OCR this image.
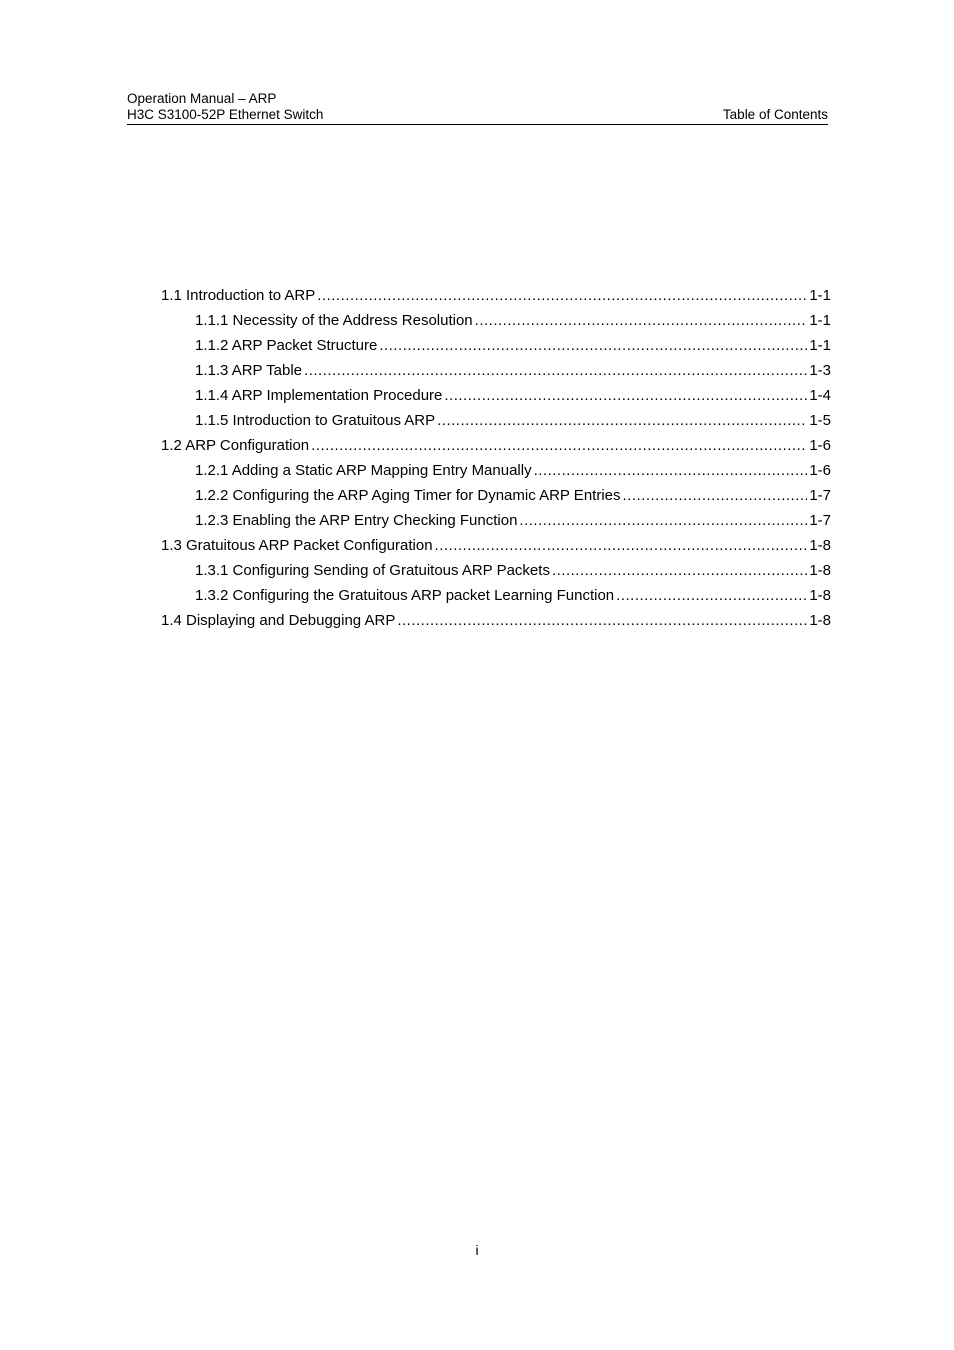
Operation Manual – ARP
H3C S3100-52P Ethernet Switch	Table of Contents
1.1 Introduction to ARP .....	1-1
1.1.1 Necessity of the Address Resolution .....	1-1
1.1.2 ARP Packet Structure .....	1-1
1.1.3 ARP Table .....	1-3
1.1.4 ARP Implementation Procedure .....	1-4
1.1.5 Introduction to Gratuitous ARP .....	1-5
1.2 ARP Configuration .....	1-6
1.2.1 Adding a Static ARP Mapping Entry Manually .....	1-6
1.2.2 Configuring the ARP Aging Timer for Dynamic ARP Entries .....	1-7
1.2.3 Enabling the ARP Entry Checking Function .....	1-7
1.3 Gratuitous ARP Packet Configuration .....	1-8
1.3.1 Configuring Sending of Gratuitous ARP Packets .....	1-8
1.3.2 Configuring the Gratuitous ARP packet Learning Function .....	1-8
1.4 Displaying and Debugging ARP .....	1-8
i
